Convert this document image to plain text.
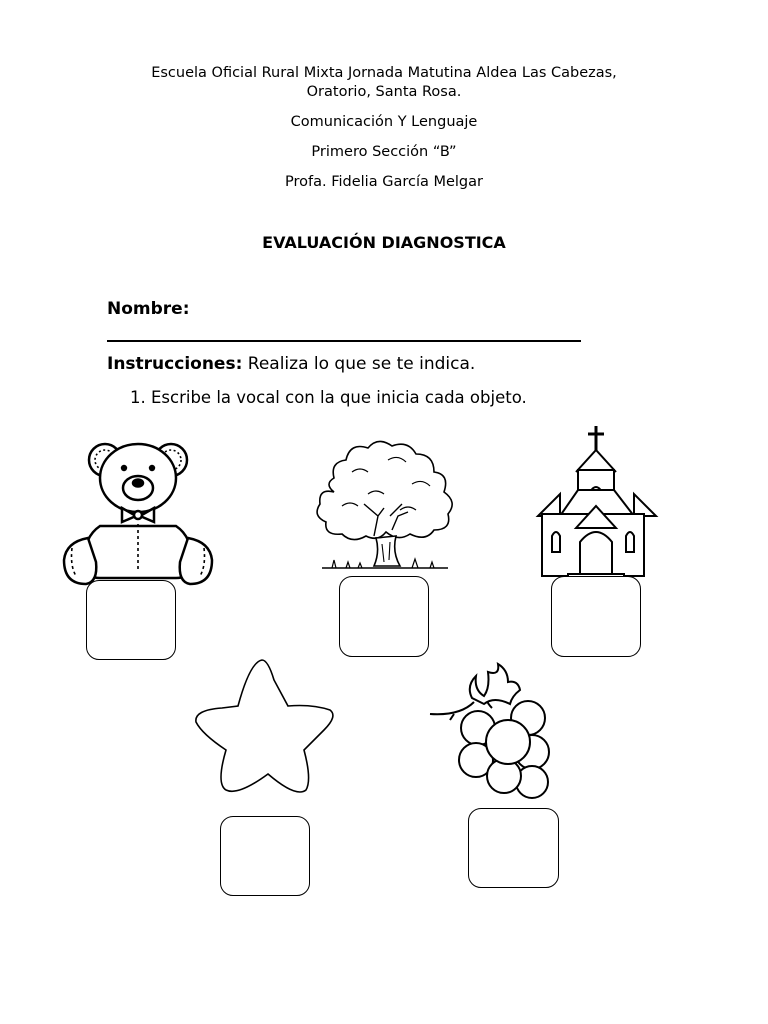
Escuela Oficial Rural Mixta Jornada Matutina Aldea Las Cabezas,
Oratorio, Santa Rosa.
Comunicación Y Lenguaje
Primero Sección “B”
Profa. Fidelia García Melgar
EVALUACIÓN DIAGNOSTICA
Nombre:
Instrucciones: Realiza lo que se te indica.
1. Escribe la vocal con la que inicia cada objeto.
